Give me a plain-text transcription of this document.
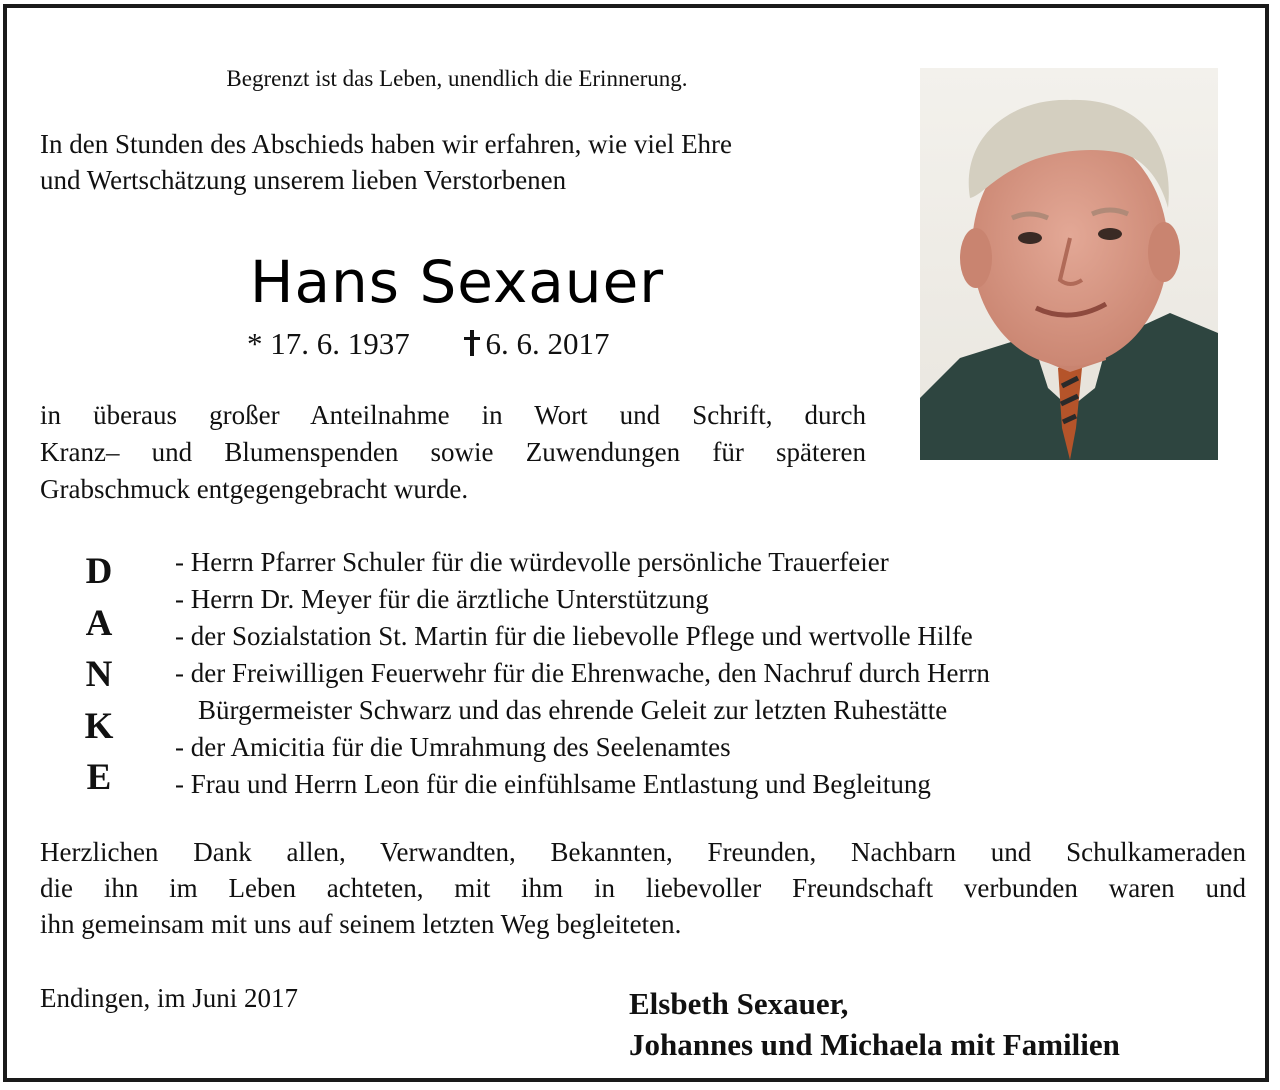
Begrenzt ist das Leben, unendlich die Erinnerung.
In den Stunden des Abschieds haben wir erfahren, wie viel Ehre
und Wertschätzung unserem lieben Verstorbenen
Hans Sexauer
* 17. 6. 1937 6. 6. 2017
in überaus großer Anteilnahme in Wort und Schrift, durch
Kranz– und Blumenspenden sowie Zuwendungen für späteren
Grabschmuck entgegengebracht wurde.
D
A
N
K
E
- Herrn Pfarrer Schuler für die würdevolle persönliche Trauerfeier
- Herrn Dr. Meyer für die ärztliche Unterstützung
- der Sozialstation St. Martin für die liebevolle Pflege und wertvolle Hilfe
- der Freiwilligen Feuerwehr für die Ehrenwache, den Nachruf durch Herrn
Bürgermeister Schwarz und das ehrende Geleit zur letzten Ruhestätte
- der Amicitia für die Umrahmung des Seelenamtes
- Frau und Herrn Leon für die einfühlsame Entlastung und Begleitung
Herzlichen Dank allen, Verwandten, Bekannten, Freunden, Nachbarn und Schulkameraden
die ihn im Leben achteten, mit ihm in liebevoller Freundschaft verbunden waren und
ihn gemeinsam mit uns auf seinem letzten Weg begleiteten.
Endingen, im Juni 2017	Elsbeth Sexauer,
Johannes und Michaela mit Familien
